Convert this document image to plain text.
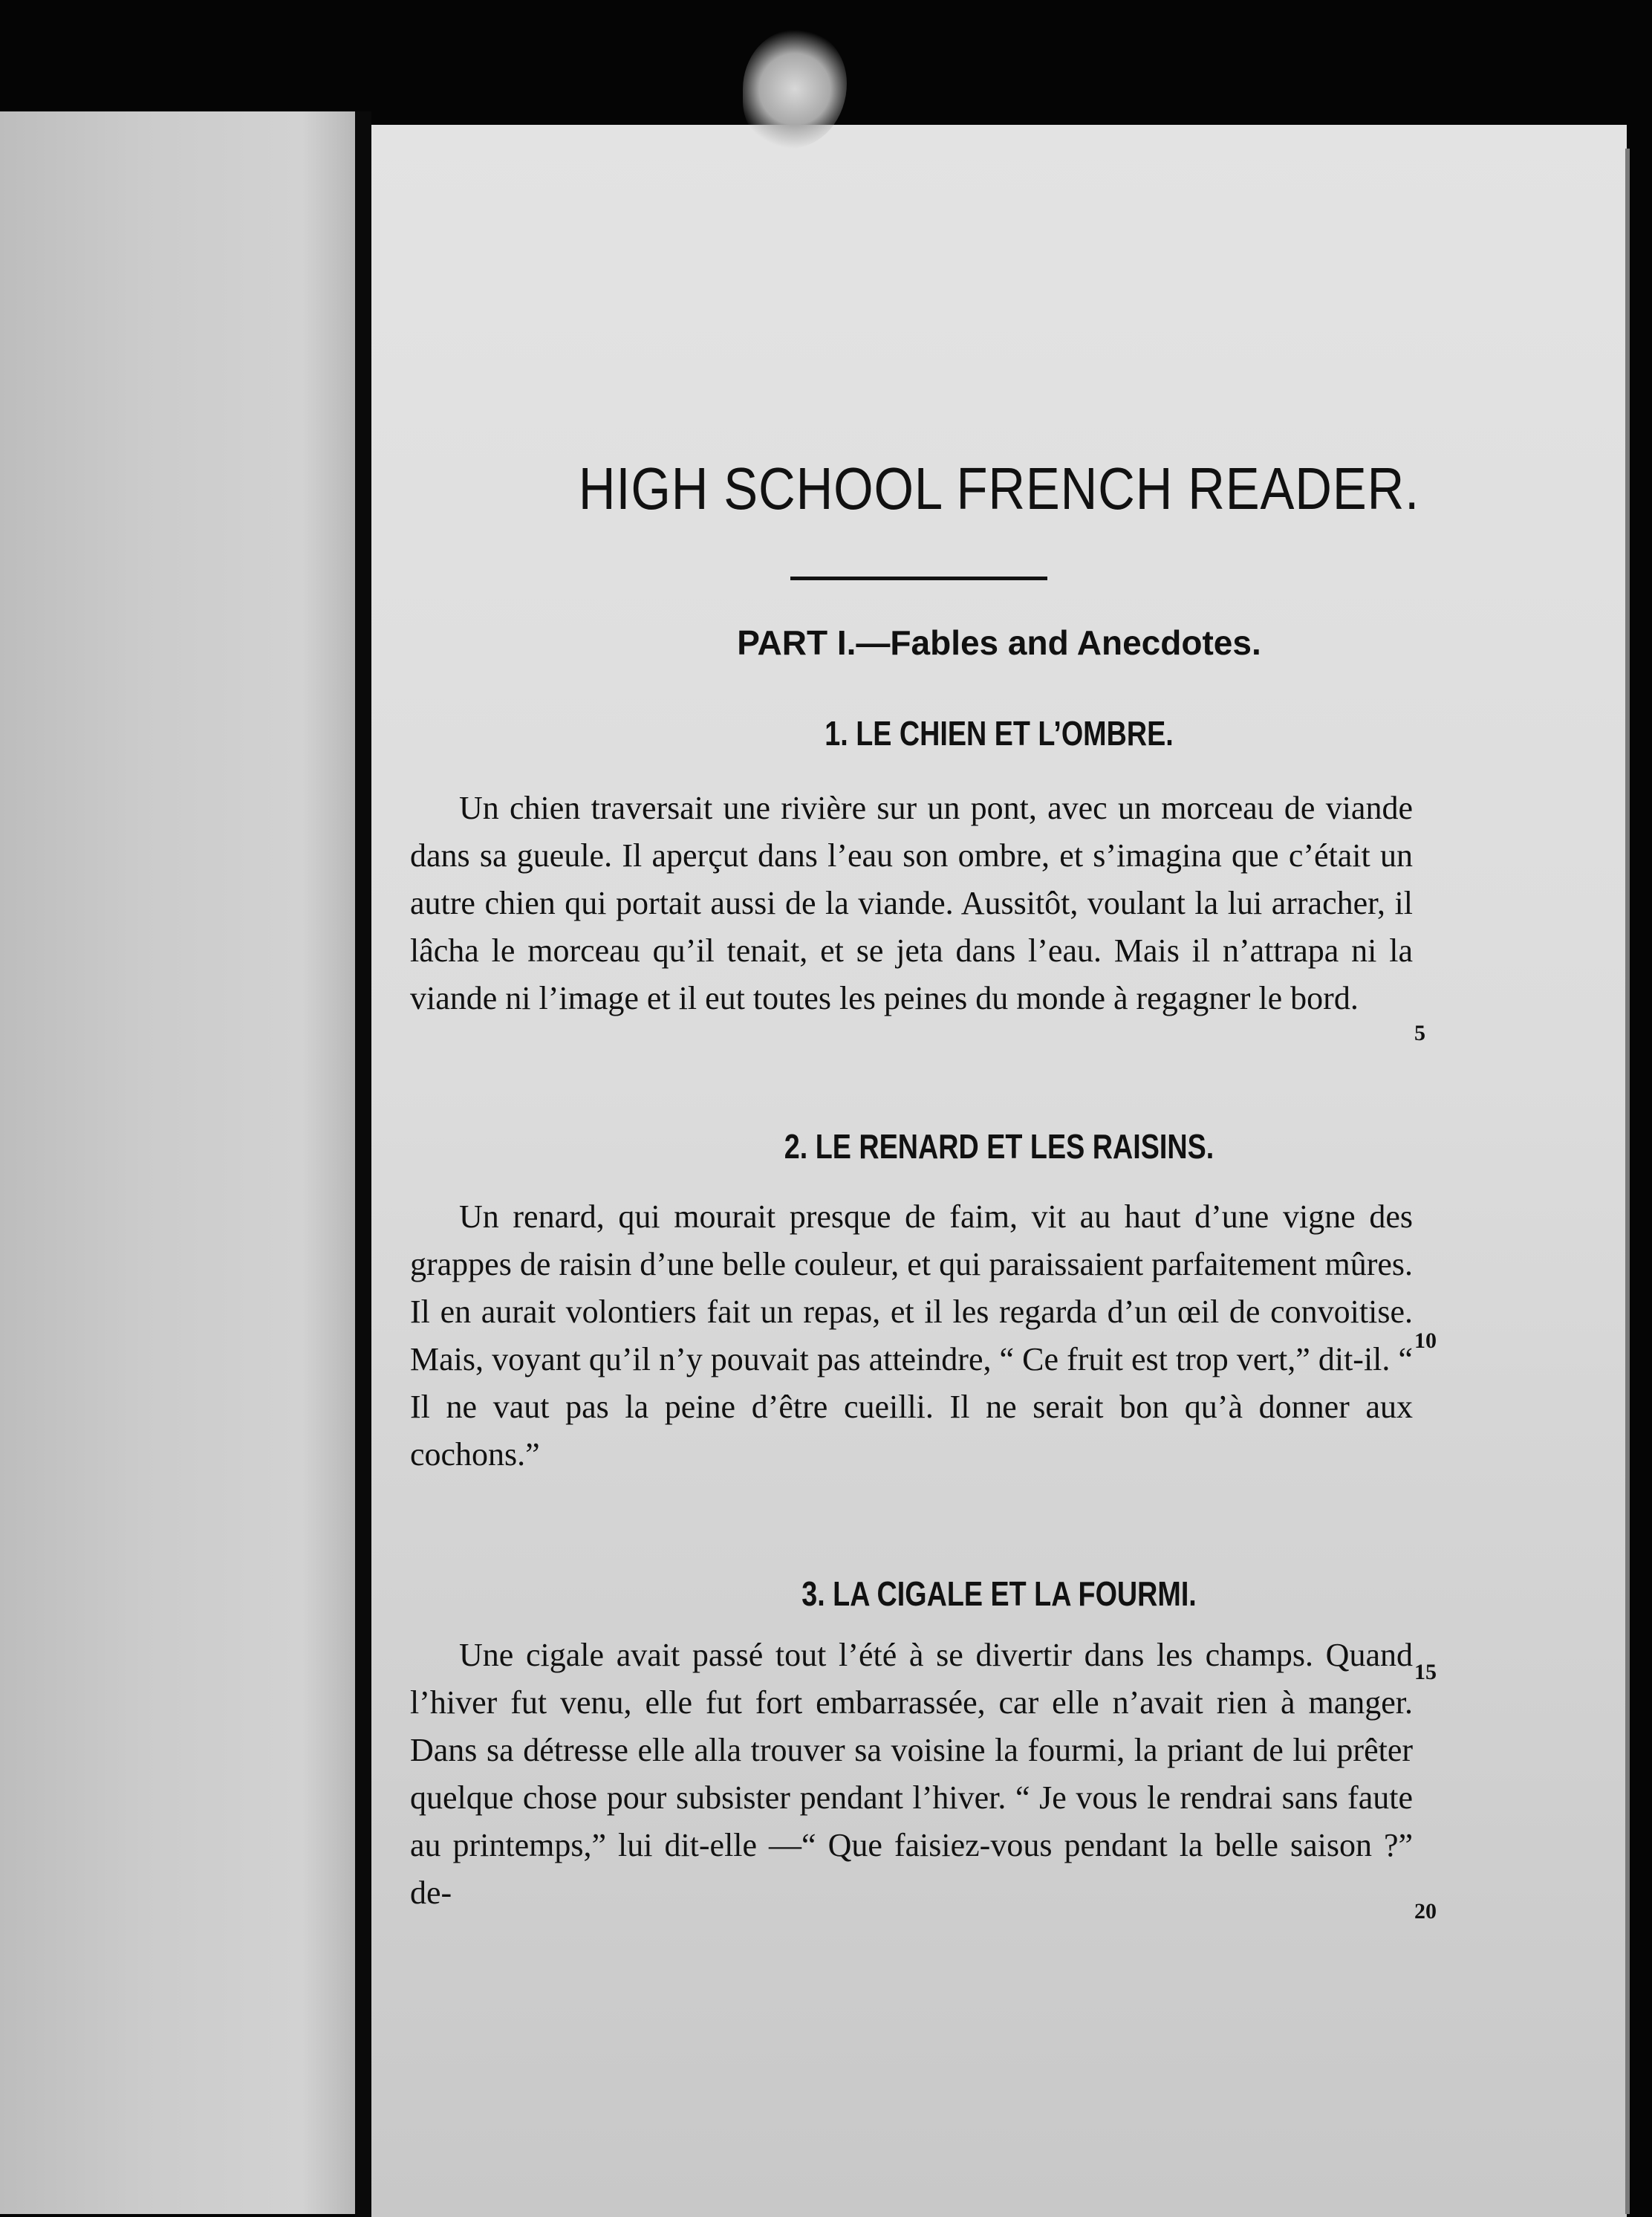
HIGH SCHOOL FRENCH READER.
PART I.—Fables and Anecdotes.
1. LE CHIEN ET L’OMBRE.

Un chien traversait une rivière sur un pont, avec un morceau de viande dans sa gueule. Il aperçut dans l’eau son ombre, et s’imagina que c’était un autre chien qui portait aussi de la viande. Aussitôt, voulant la lui arracher, il lâcha le morceau qu’il tenait, et se jeta dans l’eau. Mais il n’attrapa ni la viande ni l’image et il eut toutes les peines du monde à regagner le bord.

2. LE RENARD ET LES RAISINS.

Un renard, qui mourait presque de faim, vit au haut d’une vigne des grappes de raisin d’une belle couleur, et qui paraissaient parfaitement mûres. Il en aurait volontiers fait un repas, et il les regarda d’un œil de convoitise. Mais, voyant qu’il n’y pouvait pas atteindre, “ Ce fruit est trop vert,” dit-il. “ Il ne vaut pas la peine d’être cueilli. Il ne serait bon qu’à donner aux cochons.”

3. LA CIGALE ET LA FOURMI.

Une cigale avait passé tout l’été à se divertir dans les champs. Quand l’hiver fut venu, elle fut fort embarrassée, car elle n’avait rien à manger. Dans sa détresse elle alla trouver sa voisine la fourmi, la priant de lui prêter quelque chose pour subsister pendant l’hiver. “ Je vous le rendrai sans faute au printemps,” lui dit-elle —“ Que faisiez-vous pendant la belle saison ?” de-

5
10
15
20
